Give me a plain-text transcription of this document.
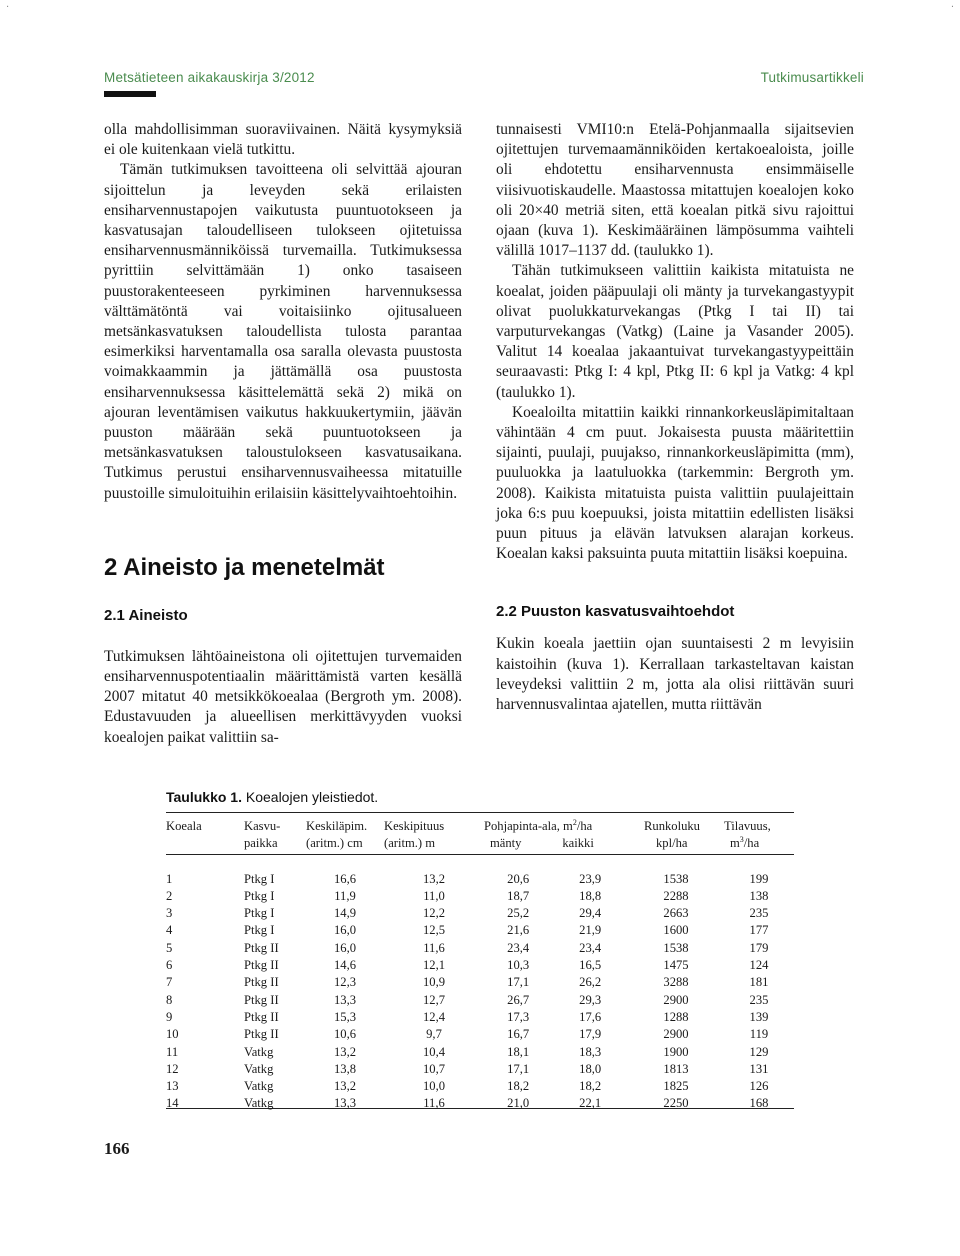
·	·
Metsätieteen aikakauskirja 3/2012	Tutkimusartikkeli

olla mahdollisimman suoraviivainen. Näitä kysymyksiä ei ole kuitenkaan vielä tutkittu.

Tämän tutkimuksen tavoitteena oli selvittää ajouran sijoittelun ja leveyden sekä erilaisten ensiharvennustapojen vaikutusta puuntuotokseen ja kasvatusajan taloudelliseen tulokseen ojitetuissa ensiharvennusmänniköissä turvemailla. Tutkimuksessa pyrittiin selvittämään 1) onko tasaiseen puustorakenteeseen pyrkiminen harvennuksessa välttämätöntä vai voitaisiinko ojitusalueen metsänkasvatuksen taloudellista tulosta parantaa esimerkiksi harventamalla osa saralla olevasta puustosta voimakkaammin ja jättämällä osa puustosta ensiharvennuksessa käsittelemättä sekä 2) mikä on ajouran leventämisen vaikutus hakkuukertymiin, jäävän puuston määrään sekä puuntuotokseen ja metsänkasvatuksen taloustulokseen kasvatusaikana. Tutkimus perustui ensiharvennusvaiheessa mitatuille puustoille simuloituihin erilaisiin käsittelyvaihtoehtoihin.

2 Aineisto ja menetelmät
2.1 Aineisto

Tutkimuksen lähtöaineistona oli ojitettujen turvemaiden ensiharvennuspotentiaalin määrittämistä varten kesällä 2007 mitatut 40 metsikkökoealaa (Bergroth ym. 2008). Edustavuuden ja alueellisen merkittävyyden vuoksi koealojen paikat valittiin sa-

tunnaisesti VMI10:n Etelä-Pohjanmaalla sijaitsevien ojitettujen turvemaamänniköiden kertakoealoista, joille oli ehdotettu ensiharvennusta ensimmäiselle viisivuotiskaudelle. Maastossa mitattujen koealojen koko oli 20×40 metriä siten, että koealan pitkä sivu rajoittui ojaan (kuva 1). Keskimääräinen lämpösumma vaihteli välillä 1017–1137 dd. (taulukko 1).

Tähän tutkimukseen valittiin kaikista mitatuista ne koealat, joiden pääpuulaji oli mänty ja turvekangastyypit olivat puolukkaturvekangas (Ptkg I tai II) tai varputurvekangas (Vatkg) (Laine ja Vasander 2005). Valitut 14 koealaa jakaantuivat turvekangastyypeittäin seuraavasti: Ptkg I: 4 kpl, Ptkg II: 6 kpl ja Vatkg: 4 kpl (taulukko 1).

Koealoilta mitattiin kaikki rinnankorkeusläpimitaltaan vähintään 4 cm puut. Jokaisesta puusta määritettiin sijainti, puulaji, puujakso, rinnankorkeusläpimitta (mm), puuluokka ja laatuluokka (tarkemmin: Bergroth ym. 2008). Kaikista mitatuista puista valittiin puulajeittain joka 6:s puu koepuuksi, joista mitattiin edellisten lisäksi puun pituus ja elävän latvuksen alarajan korkeus. Koealan kaksi paksuinta puuta mitattiin lisäksi koepuina.

2.2 Puuston kasvatusvaihtoehdot

Kukin koeala jaettiin ojan suuntaisesti 2 m levyisiin kaistoihin (kuva 1). Kerrallaan tarkasteltavan kaistan leveydeksi valittiin 2 m, jotta ala olisi riittävän suuri harvennusvalintaa ajatellen, mutta riittävän

Taulukko 1. Koealojen yleistiedot.
Koeala	Kasvu-	Keskiläpim.	Keskipituus	Pohjapinta-ala, $m^2/ha$		Runkoluku	Tilavuus,
	paikka	(aritm.) cm	(aritm.) m	mänty	kaikki	kpl/ha	$m^3/ha$

1	Ptkg I	16,6	13,2	20,6	23,9	1538	199
2	Ptkg I	11,9	11,0	18,7	18,8	2288	138
3	Ptkg I	14,9	12,2	25,2	29,4	2663	235
4	Ptkg I	16,0	12,5	21,6	21,9	1600	177
5	Ptkg II	16,0	11,6	23,4	23,4	1538	179
6	Ptkg II	14,6	12,1	10,3	16,5	1475	124
7	Ptkg II	12,3	10,9	17,1	26,2	3288	181
8	Ptkg II	13,3	12,7	26,7	29,3	2900	235
9	Ptkg II	15,3	12,4	17,3	17,6	1288	139
10	Ptkg II	10,6	9,7	16,7	17,9	2900	119
11	Vatkg	13,2	10,4	18,1	18,3	1900	129
12	Vatkg	13,8	10,7	17,1	18,0	1813	131
13	Vatkg	13,2	10,0	18,2	18,2	1825	126
14	Vatkg	13,3	11,6	21,0	22,1	2250	168
166
